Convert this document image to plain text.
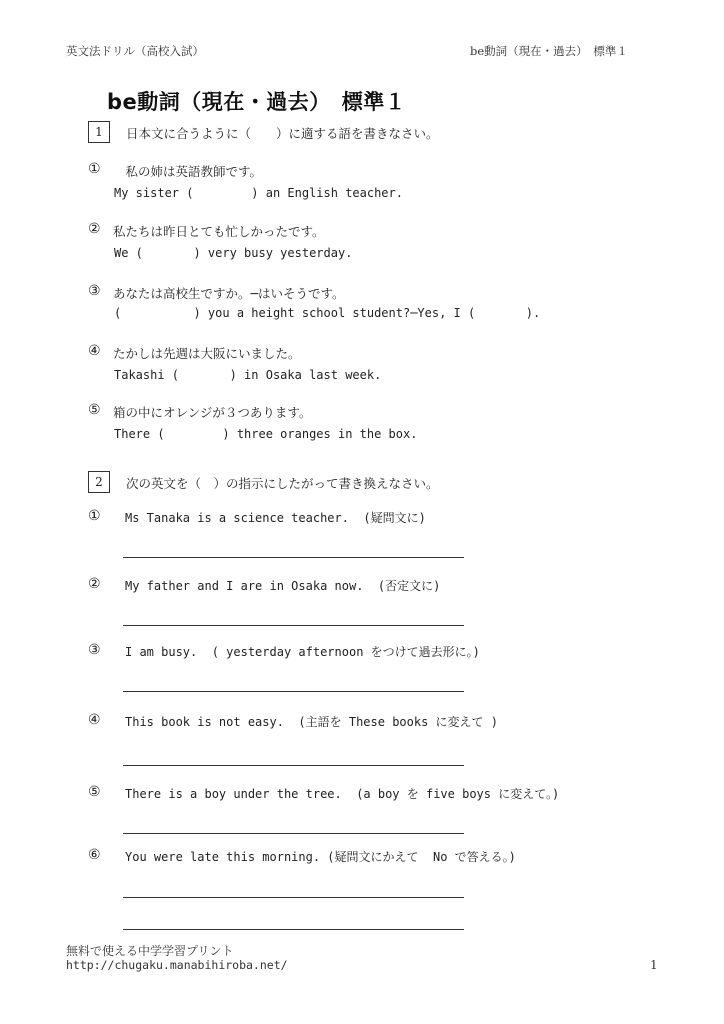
英文法ドリル（高校入試）	be動詞（現在・過去）　標準１
be動詞（現在・過去）　標準１
1	日本文に合うように（　　）に適する語を書きなさい。
① 　私の姉は英語教師です。
My sister (        ) an English teacher.
② 私たちは昨日とても忙しかったです。
We (       ) very busy yesterday.
③ あなたは高校生ですか。─はいそうです。
(          ) you a height school student?─Yes, I (       ).
④ たかしは先週は大阪にいました。
Takashi (       ) in Osaka last week.
⑤ 箱の中にオレンジが３つあります。
There (        ) three oranges in the box.
2	次の英文を（　）の指示にしたがって書き換えなさい。
① Ms Tanaka is a science teacher.  (疑問文に)
② My father and I are in Osaka now.  (否定文に)
③ I am busy.  ( yesterday afternoon をつけて過去形に。)
④ This book is not easy.  (主語を These books に変えて )
⑤ There is a boy under the tree.  (a boy を five boys に変えて。)
⑥ You were late this morning. (疑問文にかえて  No で答える。)
無料で使える中学学習プリント
http://chugaku.manabihiroba.net/	1
